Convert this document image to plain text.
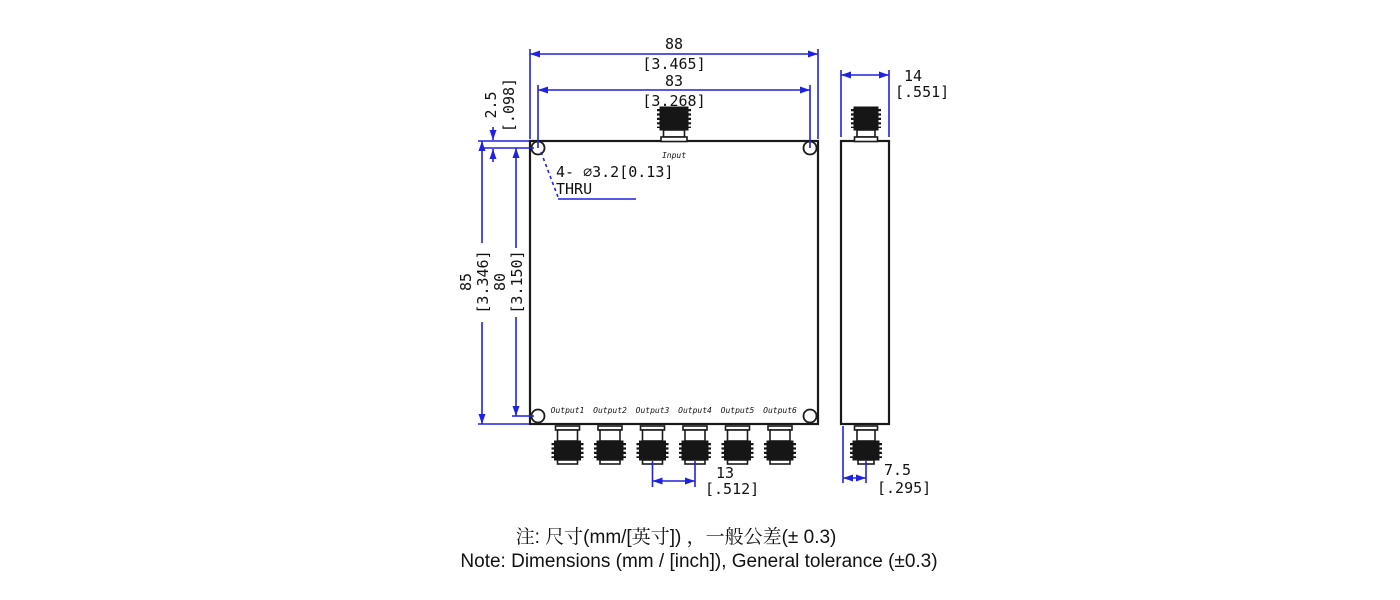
Input
Output1 Output2 Output3 Output4 Output5 Output6
88
[3.465]
83
[3.268]
2.5 [.098]
85 [3.346] 80 [3.150]
14
[.551]
7.5
[.295]
13
[.512]
4- ⌀3.2[0.13]
THRU
注: 尺寸(mm/[英寸]) ，一般公差(± 0.3)
Note: Dimensions (mm / [inch]), General tolerance (±0.3)
